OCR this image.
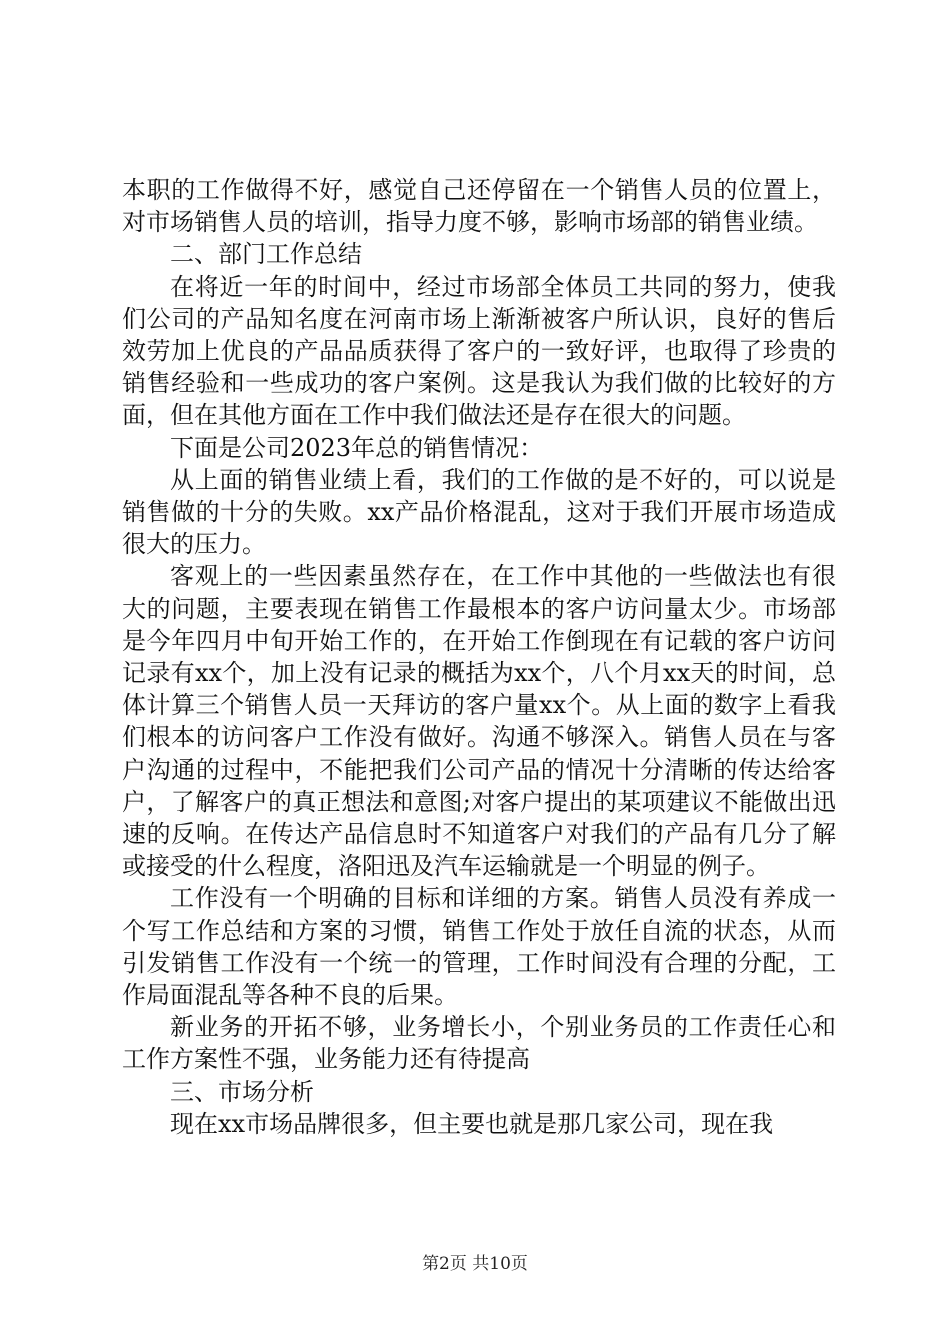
本职的工作做得不好，感觉自己还停留在一个销售人员的位置上，对市场销售人员的培训，指导力度不够，影响市场部的销售业绩。

二、部门工作总结

在将近一年的时间中，经过市场部全体员工共同的努力，使我们公司的产品知名度在河南市场上渐渐被客户所认识，良好的售后效劳加上优良的产品品质获得了客户的一致好评，也取得了珍贵的销售经验和一些成功的客户案例。这是我认为我们做的比较好的方面，但在其他方面在工作中我们做法还是存在很大的问题。

下面是公司2023年总的销售情况：

从上面的销售业绩上看，我们的工作做的是不好的，可以说是销售做的十分的失败。xx产品价格混乱，这对于我们开展市场造成很大的压力。

客观上的一些因素虽然存在，在工作中其他的一些做法也有很大的问题，主要表现在销售工作最根本的客户访问量太少。市场部是今年四月中旬开始工作的，在开始工作倒现在有记载的客户访问记录有xx个，加上没有记录的概括为xx个，八个月xx天的时间，总体计算三个销售人员一天拜访的客户量xx个。从上面的数字上看我们根本的访问客户工作没有做好。沟通不够深入。销售人员在与客户沟通的过程中，不能把我们公司产品的情况十分清晰的传达给客户，了解客户的真正想法和意图;对客户提出的某项建议不能做出迅速的反响。在传达产品信息时不知道客户对我们的产品有几分了解或接受的什么程度，洛阳迅及汽车运输就是一个明显的例子。

工作没有一个明确的目标和详细的方案。销售人员没有养成一个写工作总结和方案的习惯，销售工作处于放任自流的状态，从而引发销售工作没有一个统一的管理，工作时间没有合理的分配，工作局面混乱等各种不良的后果。

新业务的开拓不够，业务增长小，个别业务员的工作责任心和工作方案性不强，业务能力还有待提高

三、市场分析

现在xx市场品牌很多，但主要也就是那几家公司，现在我

第2页 共10页
